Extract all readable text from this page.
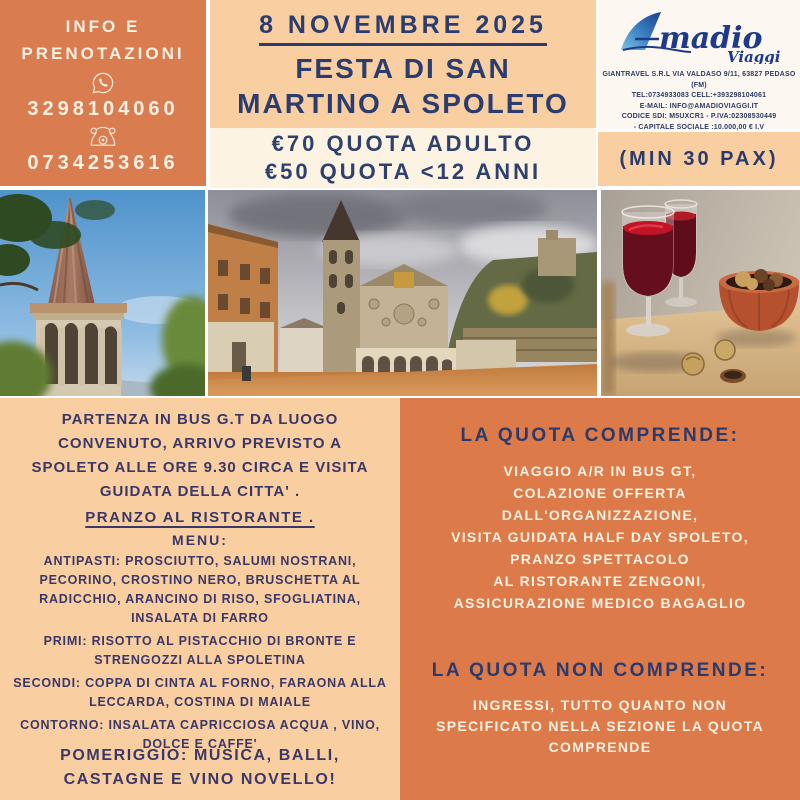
INFO E
PRENOTAZIONI
3298104060
0734253616
8 NOVEMBRE 2025
FESTA DI SAN
MARTINO A SPOLETO
€70 QUOTA ADULTO
€50 QUOTA <12 ANNI
madio
Viaggi
GIANTRAVEL S.R.L VIA VALDASO 9/11, 63827 PEDASO (FM)
TEL:0734933083 CELL:+393298104061
E-MAIL: INFO@AMADIOVIAGGI.IT
CODICE SDI: M5UXCR1 - P.IVA:02308530449
- CAPITALE SOCIALE :10.000,00 € I.V
(MIN 30 PAX)

PARTENZA IN BUS G.T DA LUOGO CONVENUTO, ARRIVO PREVISTO A SPOLETO ALLE ORE 9.30 CIRCA E VISITA GUIDATA DELLA CITTA' .

PRANZO AL RISTORANTE .

MENU:

ANTIPASTI: PROSCIUTTO, SALUMI NOSTRANI, PECORINO, CROSTINO NERO, BRUSCHETTA AL RADICCHIO, ARANCINO DI RISO, SFOGLIATINA, INSALATA DI FARRO

PRIMI: RISOTTO AL PISTACCHIO DI BRONTE E STRENGOZZI ALLA SPOLETINA

SECONDI: COPPA DI CINTA AL FORNO, FARAONA ALLA LECCARDA, COSTINA DI MAIALE

CONTORNO: INSALATA CAPRICCIOSA ACQUA , VINO, DOLCE E CAFFE'

POMERIGGIO: MUSICA, BALLI,
CASTAGNE E VINO NOVELLO!
LA QUOTA COMPRENDE:
VIAGGIO A/R IN BUS GT,
COLAZIONE OFFERTA
DALL'ORGANIZZAZIONE,
VISITA GUIDATA HALF DAY SPOLETO,
PRANZO SPETTACOLO
AL RISTORANTE ZENGONI,
ASSICURAZIONE MEDICO BAGAGLIO
LA QUOTA NON COMPRENDE:

INGRESSI, TUTTO QUANTO NON SPECIFICATO NELLA SEZIONE LA QUOTA COMPRENDE
